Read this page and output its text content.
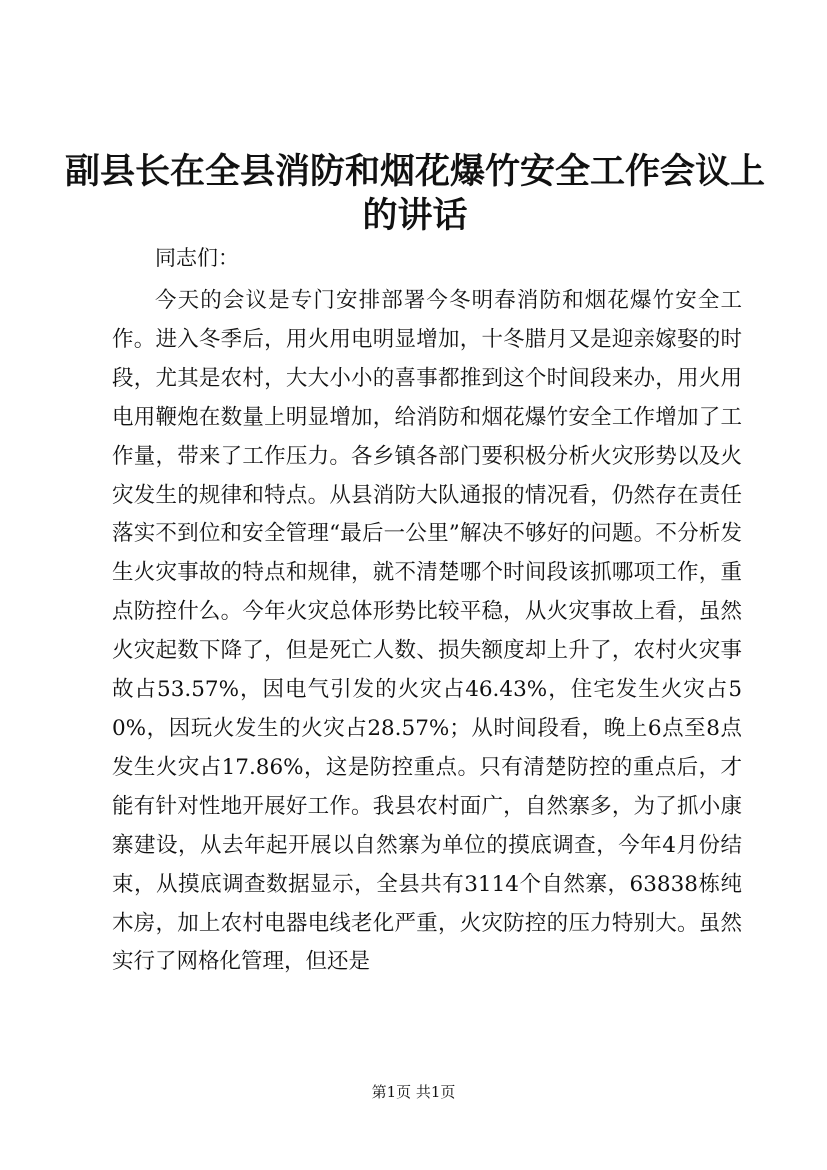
副县长在全县消防和烟花爆竹安全工作会议上的讲话

同志们：

今天的会议是专门安排部署今冬明春消防和烟花爆竹安全工作。进入冬季后，用火用电明显增加，十冬腊月又是迎亲嫁娶的时段，尤其是农村，大大小小的喜事都推到这个时间段来办，用火用电用鞭炮在数量上明显增加，给消防和烟花爆竹安全工作增加了工作量，带来了工作压力。各乡镇各部门要积极分析火灾形势以及火灾发生的规律和特点。从县消防大队通报的情况看，仍然存在责任落实不到位和安全管理“最后一公里”解决不够好的问题。不分析发生火灾事故的特点和规律，就不清楚哪个时间段该抓哪项工作，重点防控什么。今年火灾总体形势比较平稳，从火灾事故上看，虽然火灾起数下降了，但是死亡人数、损失额度却上升了，农村火灾事故占53.57%，因电气引发的火灾占46.43%，住宅发生火灾占50%，因玩火发生的火灾占28.57%；从时间段看，晚上6点至8点发生火灾占17.86%，这是防控重点。只有清楚防控的重点后，才能有针对性地开展好工作。我县农村面广，自然寨多，为了抓小康寨建设，从去年起开展以自然寨为单位的摸底调查，今年4月份结束，从摸底调查数据显示，全县共有3114个自然寨，63838栋纯木房，加上农村电器电线老化严重，火灾防控的压力特别大。虽然实行了网格化管理，但还是

第1页 共1页
